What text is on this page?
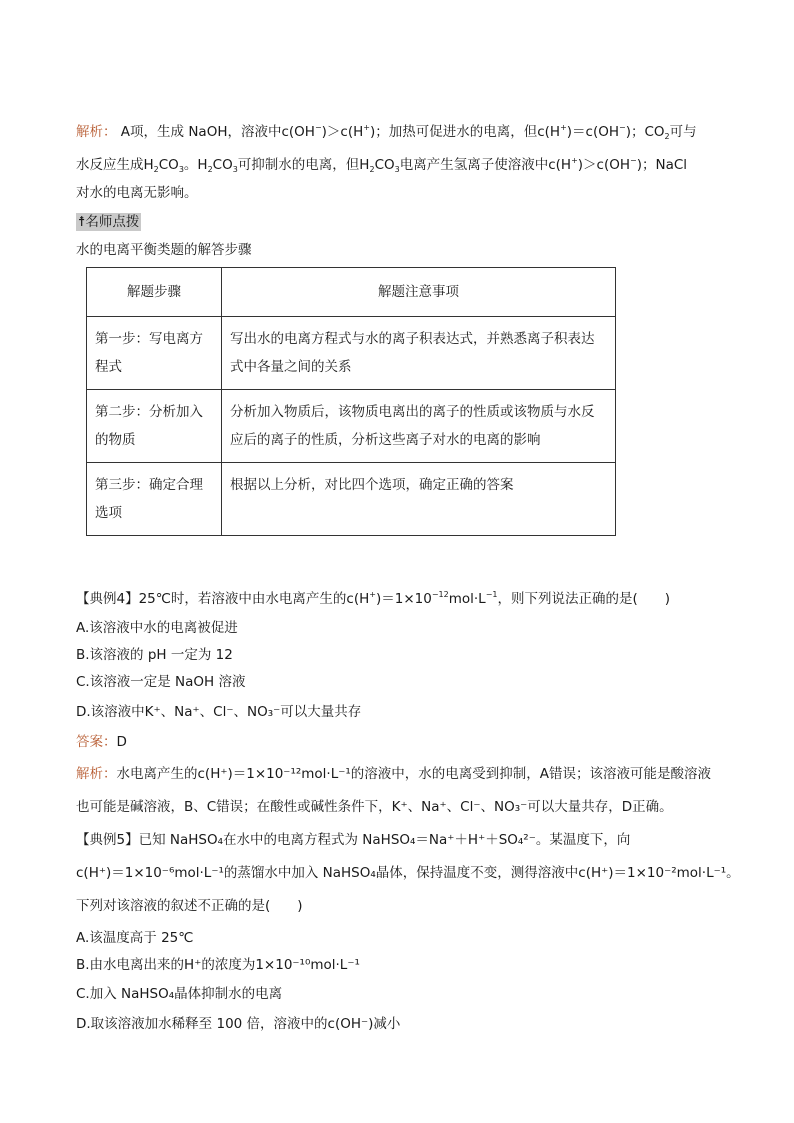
解析： A项，生成 NaOH，溶液中c(OH−)＞c(H+)；加热可促进水的电离，但c(H+)＝c(OH−)；$CO_2$可与
水反应生成$H_2CO_3$。$H_2CO_3$可抑制水的电离，但$H_2CO_3$电离产生氢离子使溶液中c(H+)＞c(OH−)；NaCl
对水的电离无影响。
☨名师点拨
水的电离平衡类题的解答步骤
解题步骤	解题注意事项
第一步：写电离方程式	写出水的电离方程式与水的离子积表达式，并熟悉离子积表达式中各量之间的关系
第二步：分析加入的物质	分析加入物质后，该物质电离出的离子的性质或该物质与水反应后的离子的性质，分析这些离子对水的电离的影响
第三步：确定合理选项	根据以上分析，对比四个选项，确定正确的答案
【典例4】25℃时，若溶液中由水电离产生的$c(H^+)=1\times 10^{-12}mol\cdot L^{-1}$，则下列说法正确的是(　　)
A.该溶液中水的电离被促进
B.该溶液的 pH 一定为 12
C.该溶液一定是 NaOH 溶液
D.该溶液中K⁺、Na⁺、Cl⁻、NO₃⁻可以大量共存
答案：D
解析：水电离产生的c(H⁺)＝1×10⁻¹²mol·L⁻¹的溶液中，水的电离受到抑制，A错误；该溶液可能是酸溶液
也可能是碱溶液，B、C错误；在酸性或碱性条件下，K⁺、Na⁺、Cl⁻、NO₃⁻可以大量共存，D正确。
【典例5】已知 NaHSO₄在水中的电离方程式为 NaHSO₄＝Na⁺＋H⁺＋SO₄²⁻。某温度下，向
c(H⁺)＝1×10⁻⁶mol·L⁻¹的蒸馏水中加入 NaHSO₄晶体，保持温度不变，测得溶液中c(H⁺)＝1×10⁻²mol·L⁻¹。
下列对该溶液的叙述不正确的是(　　)
A.该温度高于 25℃
B.由水电离出来的H⁺的浓度为1×10⁻¹⁰mol·L⁻¹
C.加入 NaHSO₄晶体抑制水的电离
D.取该溶液加水稀释至 100 倍，溶液中的c(OH⁻)减小
